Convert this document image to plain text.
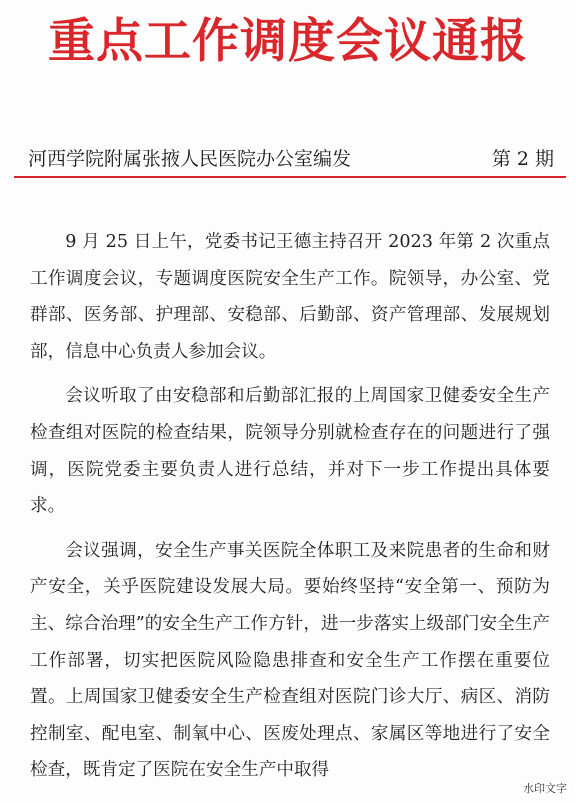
重点工作调度会议通报
河西学院附属张掖人民医院办公室编发	第 2 期

9 月 25 日上午，党委书记王德主持召开 2023 年第 2 次重点工作调度会议，专题调度医院安全生产工作。院领导，办公室、党群部、医务部、护理部、安稳部、后勤部、资产管理部、发展规划部，信息中心负责人参加会议。

会议听取了由安稳部和后勤部汇报的上周国家卫健委安全生产检查组对医院的检查结果，院领导分别就检查存在的问题进行了强调，医院党委主要负责人进行总结，并对下一步工作提出具体要求。

会议强调，安全生产事关医院全体职工及来院患者的生命和财产安全，关乎医院建设发展大局。要始终坚持“安全第一、预防为主、综合治理”的安全生产工作方针，进一步落实上级部门安全生产工作部署，切实把医院风险隐患排查和安全生产工作摆在重要位置。上周国家卫健委安全生产检查组对医院门诊大厅、病区、消防控制室、配电室、制氧中心、医废处理点、家属区等地进行了安全检查，既肯定了医院在安全生产中取得

水印文字
